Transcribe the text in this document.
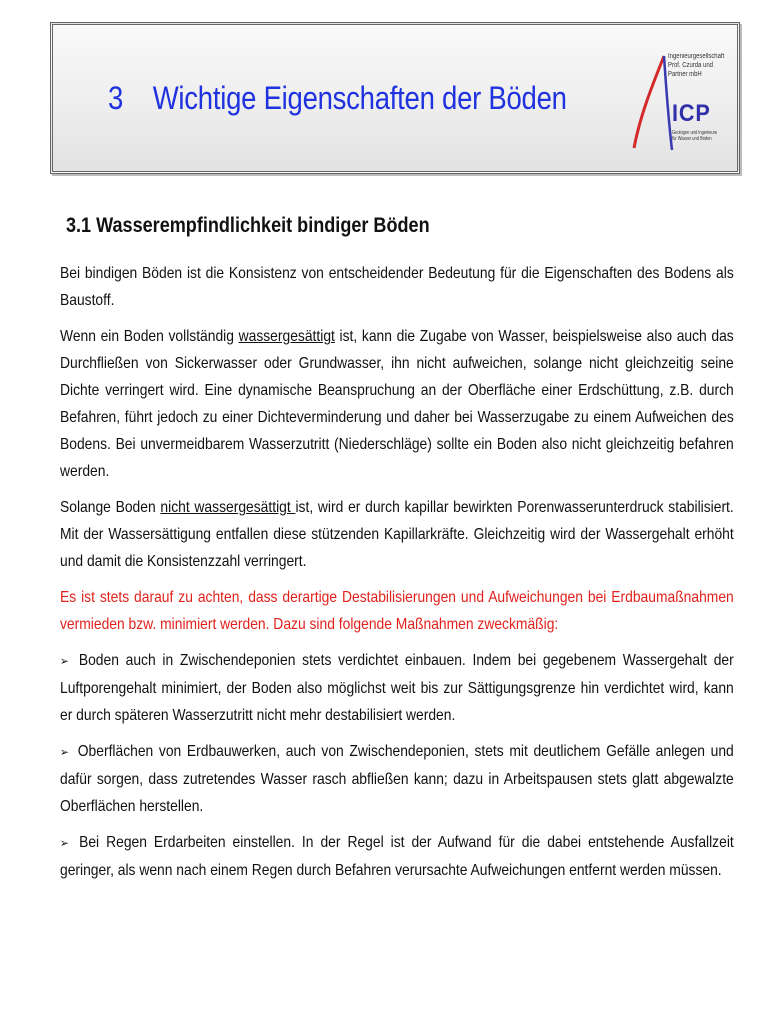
3 Wichtige Eigenschaften der Böden
Ingenieurgesellschaft
Prof. Czurda und
Partner mbH
ICP
Geologen und Ingenieure
für Wasser und Boden
3.1 Wasserempfindlichkeit bindiger Böden

Bei bindigen Böden ist die Konsistenz von entscheidender Bedeutung für die Eigenschaften des Bodens als Baustoff.

Wenn ein Boden vollständig wassergesättigt ist, kann die Zugabe von Wasser, beispielsweise also auch das Durchfließen von Sickerwasser oder Grundwasser, ihn nicht aufweichen, solange nicht gleichzeitig seine Dichte verringert wird. Eine dynamische Beanspruchung an der Oberfläche einer Erdschüttung, z.B. durch Befahren, führt jedoch zu einer Dichteverminderung und daher bei Wasserzugabe zu einem Aufweichen des Bodens. Bei unvermeidbarem Wasserzutritt (Niederschläge) sollte ein Boden also nicht gleichzeitig befahren werden.

Solange Boden nicht wassergesättigt ist, wird er durch kapillar bewirkten Porenwasserunterdruck stabilisiert. Mit der Wassersättigung entfallen diese stützenden Kapillarkräfte. Gleichzeitig wird der Wassergehalt erhöht und damit die Konsistenzzahl verringert.

Es ist stets darauf zu achten, dass derartige Destabilisierungen und Aufweichungen bei Erdbaumaßnahmen vermieden bzw. minimiert werden. Dazu sind folgende Maßnahmen zweckmäßig:

➢ Boden auch in Zwischendeponien stets verdichtet einbauen. Indem bei gegebenem Wassergehalt der Luftporengehalt minimiert, der Boden also möglichst weit bis zur Sättigungsgrenze hin verdichtet wird, kann er durch späteren Wasserzutritt nicht mehr destabilisiert werden.

➢ Oberflächen von Erdbauwerken, auch von Zwischendeponien, stets mit deutlichem Gefälle anlegen und dafür sorgen, dass zutretendes Wasser rasch abfließen kann; dazu in Arbeitspausen stets glatt abgewalzte Oberflächen herstellen.

➢ Bei Regen Erdarbeiten einstellen. In der Regel ist der Aufwand für die dabei entstehende Ausfallzeit geringer, als wenn nach einem Regen durch Befahren verursachte Aufweichungen entfernt werden müssen.
